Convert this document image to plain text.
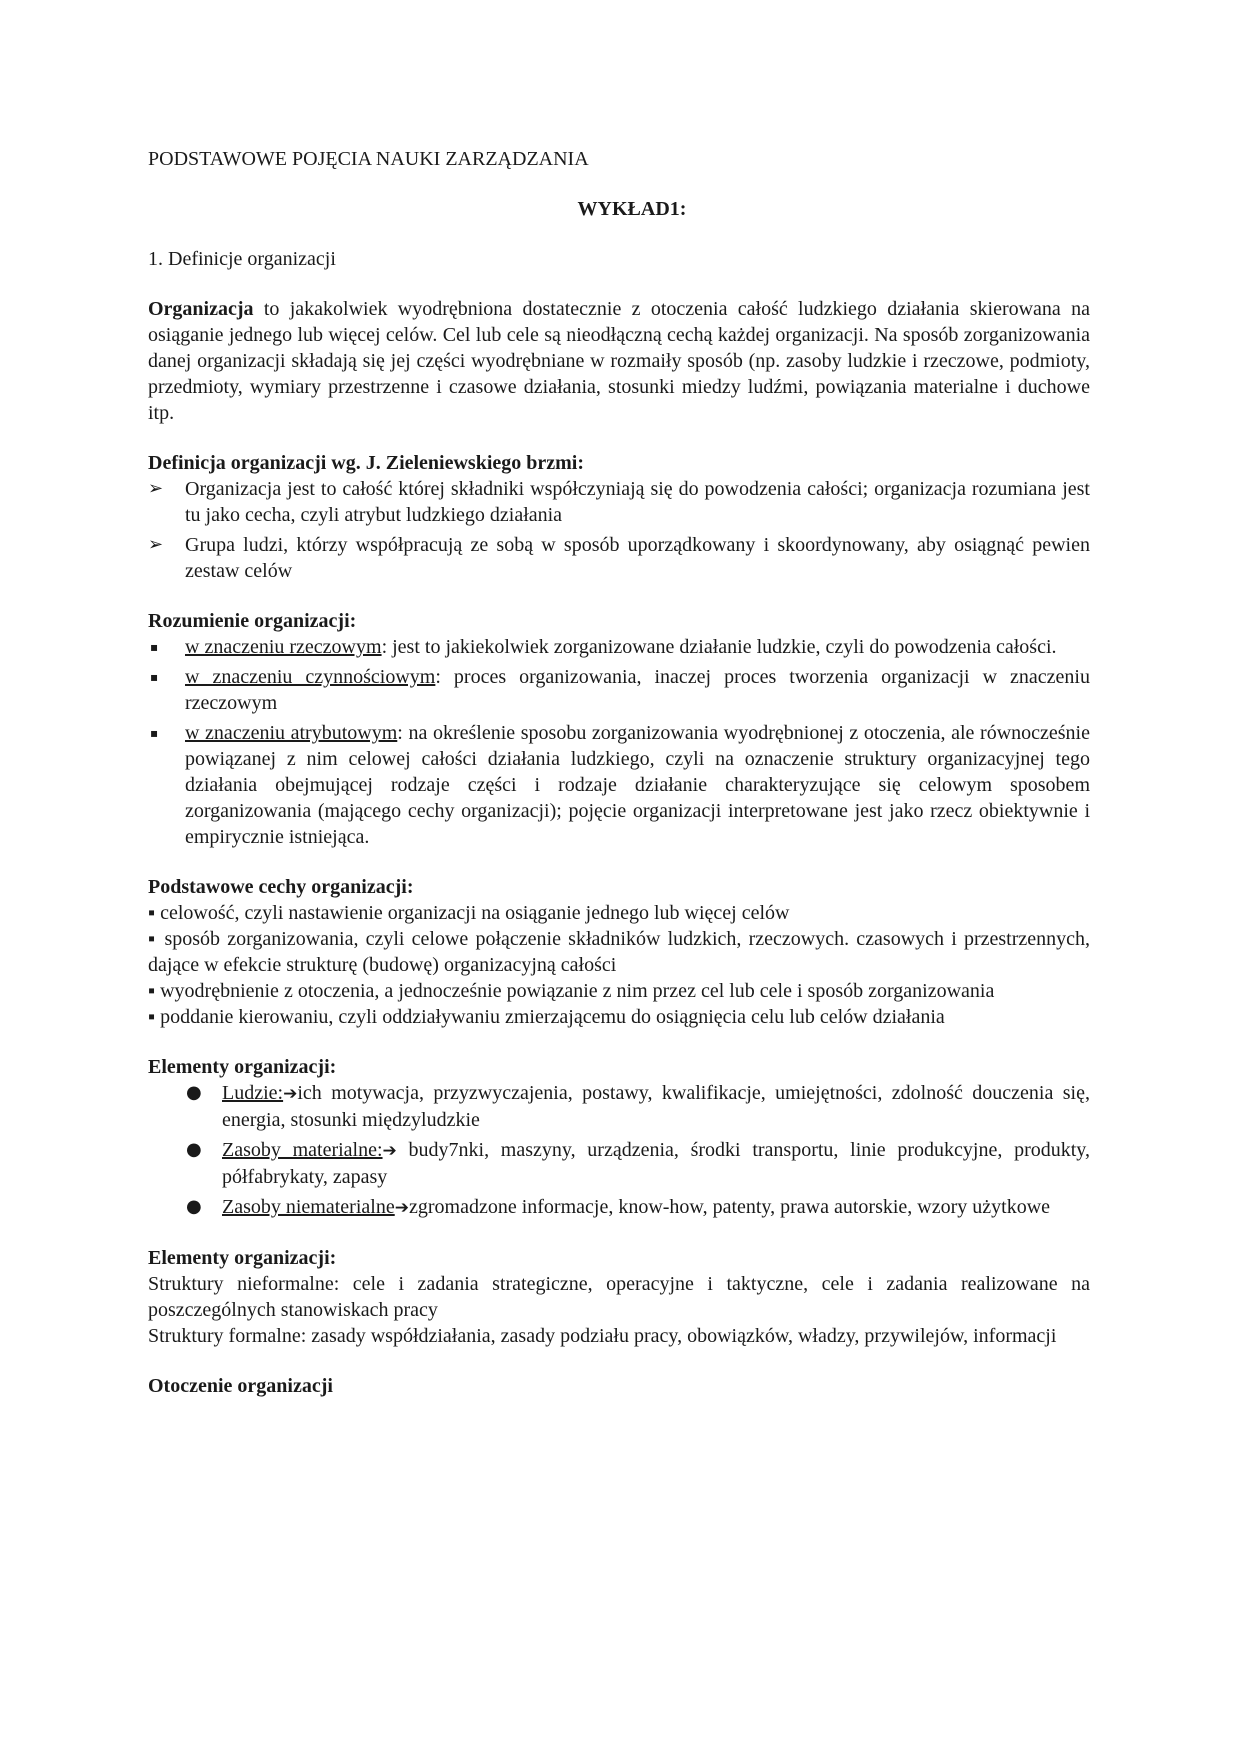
PODSTAWOWE POJĘCIA NAUKI ZARZĄDZANIA
WYKŁAD1:
1. Definicje organizacji
Organizacja to jakakolwiek wyodrębniona dostatecznie z otoczenia całość ludzkiego działania skierowana na osiąganie jednego lub więcej celów. Cel lub cele są nieodłączną cechą każdej organizacji. Na sposób zorganizowania danej organizacji składają się jej części wyodrębniane w rozmaiły sposób (np. zasoby ludzkie i rzeczowe, podmioty, przedmioty, wymiary przestrzenne i czasowe działania, stosunki miedzy ludźmi, powiązania materialne i duchowe itp.
Definicja organizacji wg. J. Zieleniewskiego brzmi:
➢	Organizacja jest to całość której składniki współczyniają się do powodzenia całości; organizacja rozumiana jest tu jako cecha, czyli atrybut ludzkiego działania
➢	Grupa ludzi, którzy współpracują ze sobą w sposób uporządkowany i skoordynowany, aby osiągnąć pewien zestaw celów
Rozumienie organizacji:
▪	w znaczeniu rzeczowym: jest to jakiekolwiek zorganizowane działanie ludzkie, czyli do powodzenia całości.
▪	w znaczeniu czynnościowym: proces organizowania, inaczej proces tworzenia organizacji w znaczeniu rzeczowym
▪	w znaczeniu atrybutowym: na określenie sposobu zorganizowania wyodrębnionej z otoczenia, ale równocześnie powiązanej z nim celowej całości działania ludzkiego, czyli na oznaczenie struktury organizacyjnej tego działania obejmującej rodzaje części i rodzaje działanie charakteryzujące się celowym sposobem zorganizowania (mającego cechy organizacji); pojęcie organizacji interpretowane jest jako rzecz obiektywnie i empirycznie istniejąca.
Podstawowe cechy organizacji:
▪ celowość, czyli nastawienie organizacji na osiąganie jednego lub więcej celów
▪ sposób zorganizowania, czyli celowe połączenie składników ludzkich, rzeczowych. czasowych i przestrzennych, dające w efekcie strukturę (budowę) organizacyjną całości
▪ wyodrębnienie z otoczenia, a jednocześnie powiązanie z nim przez cel lub cele i sposób zorganizowania
▪ poddanie kierowaniu, czyli oddziaływaniu zmierzającemu do osiągnięcia celu lub celów działania
Elementy organizacji:
● Ludzie:➔ich motywacja, przyzwyczajenia, postawy, kwalifikacje, umiejętności, zdolność douczenia się, energia, stosunki międzyludzkie
● Zasoby materialne:➔ budy7nki, maszyny, urządzenia, środki transportu, linie produkcyjne, produkty, półfabrykaty, zapasy
● Zasoby niematerialne➔zgromadzone informacje, know-how, patenty, prawa autorskie, wzory użytkowe
Elementy organizacji:
Struktury nieformalne: cele i zadania strategiczne, operacyjne i taktyczne, cele i zadania realizowane na poszczególnych stanowiskach pracy
Struktury formalne: zasady współdziałania, zasady podziału pracy, obowiązków, władzy, przywilejów, informacji
Otoczenie organizacji
